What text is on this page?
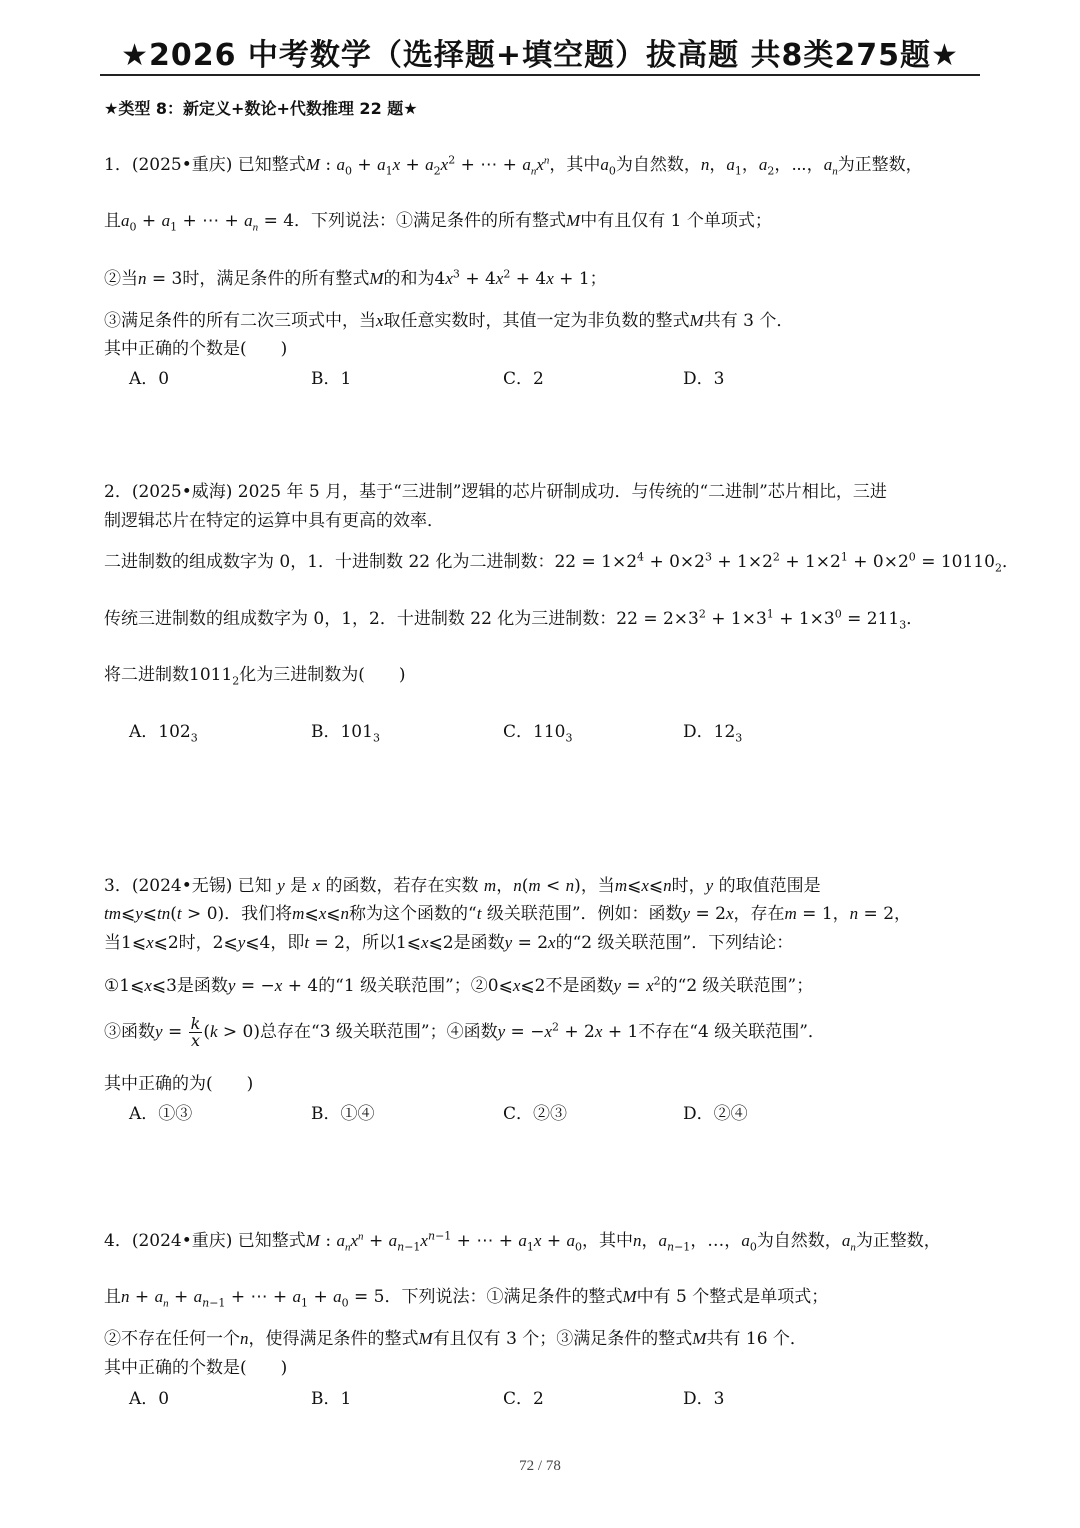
★2026 中考数学（选择题+填空题）拔高题 共8类275题★
★类型 8：新定义+数论+代数推理 22 题★
1．(2025•重庆) 已知整式M : $a_0 + a_1x + a_2x^2$ + ⋯ + $a_nx^n$，其中$a_0$为自然数，n，$a_1$，$a_2$，⋯，$a_n$为正整数，
且$a_0 + a_1$ + ⋯ + $a_n = 4$．下列说法：①满足条件的所有整式M中有且仅有 1 个单项式；
②当n = 3时，满足条件的所有整式M的和为$4x^3 + 4x^2 + 4x + 1$；
③满足条件的所有二次三项式中，当x取任意实数时，其值一定为非负数的整式M共有 3 个．
其中正确的个数是(　　)
A．0	B．1	C．2	D．3
2．(2025•威海) 2025 年 5 月，基于“三进制”逻辑的芯片研制成功．与传统的“二进制”芯片相比，三进
制逻辑芯片在特定的运算中具有更高的效率．
二进制数的组成数字为 0，1．十进制数 22 化为二进制数：$22 = 1\times 2^4 + 0\times 2^3 + 1\times 2^2 + 1\times 2^1 + 0\times 2^0 = 10110_2$．
传统三进制数的组成数字为 0，1，2．十进制数 22 化为三进制数：$22 = 2\times 3^2 + 1\times 3^1 + 1\times 3^0 = 211_3$．
将二进制数$1011_2$化为三进制数为(　　)
A．$102_3$	B．$101_3$	C．$110_3$	D．$12_3$
3．(2024•无锡) 已知 y 是 x 的函数，若存在实数 m，n(m < n)，当m⩽x⩽n时，y 的取值范围是
tm⩽y⩽tn(t > 0)．我们将m⩽x⩽n称为这个函数的“t 级关联范围”．例如：函数y = 2x，存在m = 1，n = 2，
当1⩽x⩽2时，2⩽y⩽4，即t = 2，所以1⩽x⩽2是函数y = 2x的“2 级关联范围”．下列结论：
①1⩽x⩽3是函数y = −x + 4的“1 级关联范围”；②0⩽x⩽2不是函数$y = x^2$的“2 级关联范围”；
③函数$y = \frac{k}{x} (k > 0)$总存在“3 级关联范围”；④函数$y = -x^2 + 2x + 1$不存在“4 级关联范围”．
其中正确的为(　　)
A．①③	B．①④	C．②③	D．②④
4．(2024•重庆) 已知整式M : $a_nx^n + a_{n-1}x^{n-1}$ + ⋯ + $a_1x + a_0$，其中n，$a_{n-1}$，…，$a_0$为自然数，$a_n$为正整数，
且$n + a_n + a_{n-1}$ + ⋯ + $a_1 + a_0 = 5$．下列说法：①满足条件的整式M中有 5 个整式是单项式；
②不存在任何一个n，使得满足条件的整式M有且仅有 3 个；③满足条件的整式M共有 16 个．
其中正确的个数是(　　)
A．0	B．1	C．2	D．3
72 / 78
